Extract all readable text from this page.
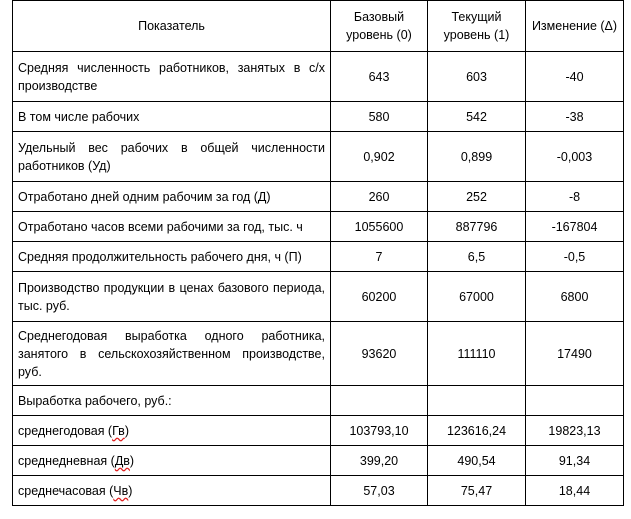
Показатель	Базовый уровень (0)	Текущий уровень (1)	Изменение (Δ)
Средняя численность работников, занятых в с/х производстве	643	603	-40
В том числе рабочих	580	542	-38
Удельный вес рабочих в общей численности работников (Уд)	0,902	0,899	-0,003
Отработано дней одним рабочим за год (Д)	260	252	-8
Отработано часов всеми рабочими за год, тыс. ч	1055600	887796	-167804
Средняя продолжительность рабочего дня, ч (П)	7	6,5	-0,5
Производство продукции в ценах базового периода, тыс. руб.	60200	67000	6800
Среднегодовая выработка одного работника, занятого в сельскохозяйственном производстве, руб.	93620	111110	17490
Выработка рабочего, руб.:			
среднегодовая (Гв)	103793,10	123616,24	19823,13
среднедневная (Дв)	399,20	490,54	91,34
среднечасовая (Чв)	57,03	75,47	18,44
